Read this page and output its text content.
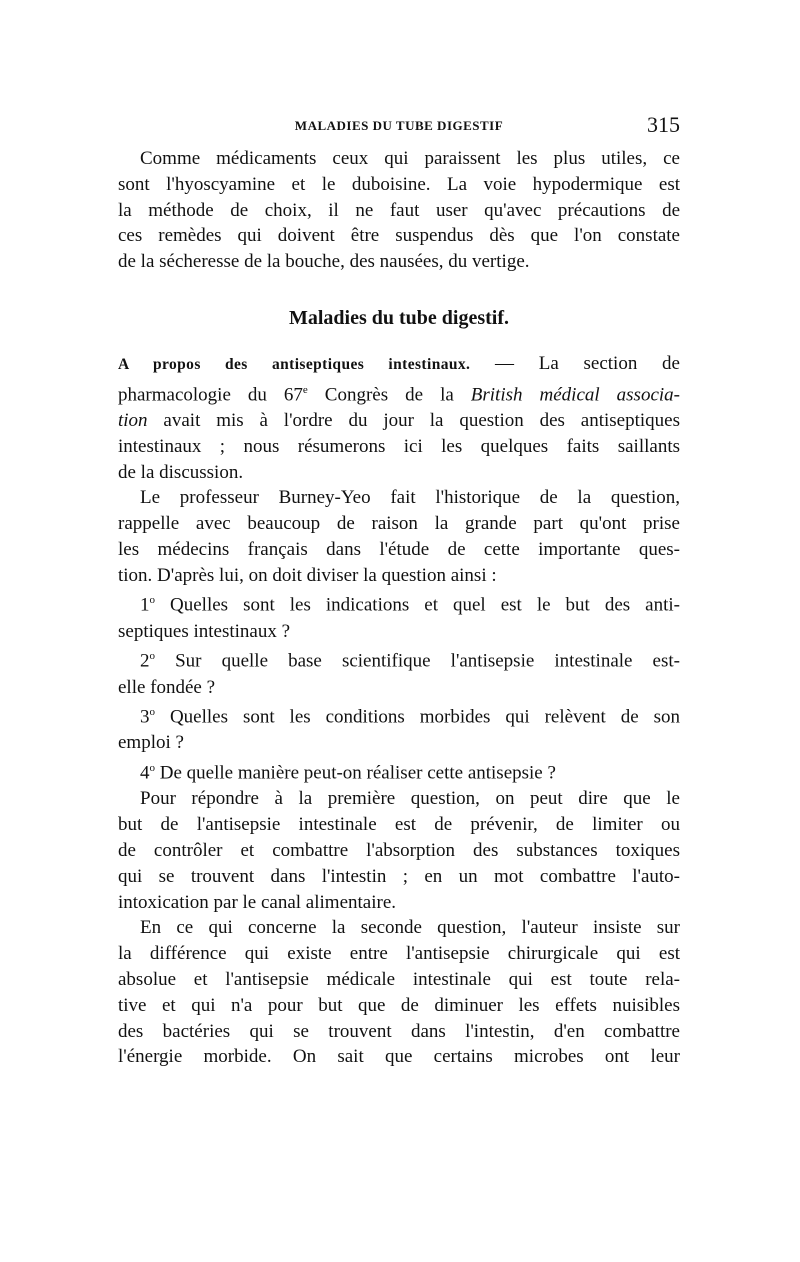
MALADIES DU TUBE DIGESTIF	315
Comme médicaments ceux qui paraissent les plus utiles, ce
sont l'hyoscyamine et le duboisine. La voie hypodermique est
la méthode de choix, il ne faut user qu'avec précautions de
ces remèdes qui doivent être suspendus dès que l'on constate
de la sécheresse de la bouche, des nausées, du vertige.
Maladies du tube digestif.
A propos des antiseptiques intestinaux. — La section de
pharmacologie du 67e Congrès de la British médical associa-
tion avait mis à l'ordre du jour la question des antiseptiques
intestinaux ; nous résumerons ici les quelques faits saillants
de la discussion.
Le professeur Burney-Yeo fait l'historique de la question,
rappelle avec beaucoup de raison la grande part qu'ont prise
les médecins français dans l'étude de cette importante ques-
tion. D'après lui, on doit diviser la question ainsi :
1$^o$ Quelles sont les indications et quel est le but des anti-
septiques intestinaux ?
2$^o$ Sur quelle base scientifique l'antisepsie intestinale est-
elle fondée ?
3$^o$ Quelles sont les conditions morbides qui relèvent de son
emploi ?
4$^o$ De quelle manière peut-on réaliser cette antisepsie ?
Pour répondre à la première question, on peut dire que le
but de l'antisepsie intestinale est de prévenir, de limiter ou
de contrôler et combattre l'absorption des substances toxiques
qui se trouvent dans l'intestin ; en un mot combattre l'auto-
intoxication par le canal alimentaire.
En ce qui concerne la seconde question, l'auteur insiste sur
la différence qui existe entre l'antisepsie chirurgicale qui est
absolue et l'antisepsie médicale intestinale qui est toute rela-
tive et qui n'a pour but que de diminuer les effets nuisibles
des bactéries qui se trouvent dans l'intestin, d'en combattre
l'énergie morbide. On sait que certains microbes ont leur
